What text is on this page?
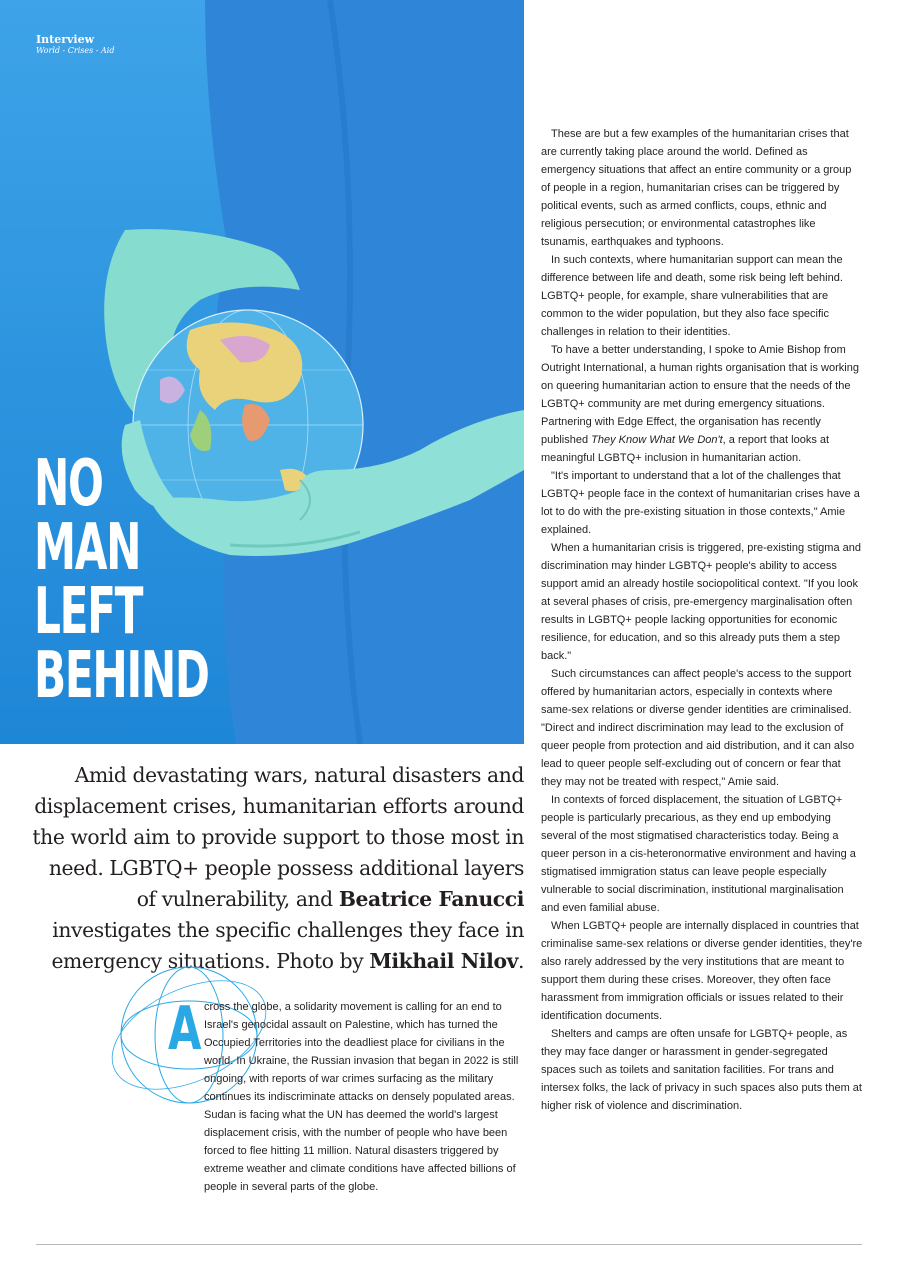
Interview
World - Crises - Aid
NO
MAN
LEFT
BEHIND

Amid devastating wars, natural disasters and displacement crises, humanitarian efforts around the world aim to provide support to those most in need. LGBTQ+ people possess additional layers of vulnerability, and Beatrice Fanucci investigates the specific challenges they face in emergency situations. Photo by Mikhail Nilov.

A cross the globe, a solidarity movement is calling for an end to Israel's genocidal assault on Palestine, which has turned the Occupied Territories into the deadliest place for civilians in the world. In Ukraine, the Russian invasion that began in 2022 is still ongoing, with reports of war crimes surfacing as the military continues its indiscriminate attacks on densely populated areas. Sudan is facing what the UN has deemed the world's largest displacement crisis, with the number of people who have been forced to flee hitting 11 million. Natural disasters triggered by extreme weather and climate conditions have affected billions of people in several parts of the globe.

These are but a few examples of the humanitarian crises that are currently taking place around the world. Defined as emergency situations that affect an entire community or a group of people in a region, humanitarian crises can be triggered by political events, such as armed conflicts, coups, ethnic and religious persecution; or environmental catastrophes like tsunamis, earthquakes and typhoons.

In such contexts, where humanitarian support can mean the difference between life and death, some risk being left behind. LGBTQ+ people, for example, share vulnerabilities that are common to the wider population, but they also face specific challenges in relation to their identities.

To have a better understanding, I spoke to Amie Bishop from Outright International, a human rights organisation that is working on queering humanitarian action to ensure that the needs of the LGBTQ+ community are met during emergency situations. Partnering with Edge Effect, the organisation has recently published They Know What We Don't, a report that looks at meaningful LGBTQ+ inclusion in humanitarian action.

"It's important to understand that a lot of the challenges that LGBTQ+ people face in the context of humanitarian crises have a lot to do with the pre-existing situation in those contexts," Amie explained.

When a humanitarian crisis is triggered, pre-existing stigma and discrimination may hinder LGBTQ+ people's ability to access support amid an already hostile sociopolitical context. "If you look at several phases of crisis, pre-emergency marginalisation often results in LGBTQ+ people lacking opportunities for economic resilience, for education, and so this already puts them a step back."

Such circumstances can affect people's access to the support offered by humanitarian actors, especially in contexts where same-sex relations or diverse gender identities are criminalised. "Direct and indirect discrimination may lead to the exclusion of queer people from protection and aid distribution, and it can also lead to queer people self-excluding out of concern or fear that they may not be treated with respect," Amie said.

In contexts of forced displacement, the situation of LGBTQ+ people is particularly precarious, as they end up embodying several of the most stigmatised characteristics today. Being a queer person in a cis-heteronormative environment and having a stigmatised immigration status can leave people especially vulnerable to social discrimination, institutional marginalisation and even familial abuse.

When LGBTQ+ people are internally displaced in countries that criminalise same-sex relations or diverse gender identities, they're also rarely addressed by the very institutions that are meant to support them during these crises. Moreover, they often face harassment from immigration officials or issues related to their identification documents.

Shelters and camps are often unsafe for LGBTQ+ people, as they may face danger or harassment in gender-segregated spaces such as toilets and sanitation facilities. For trans and intersex folks, the lack of privacy in such spaces also puts them at higher risk of violence and discrimination.
